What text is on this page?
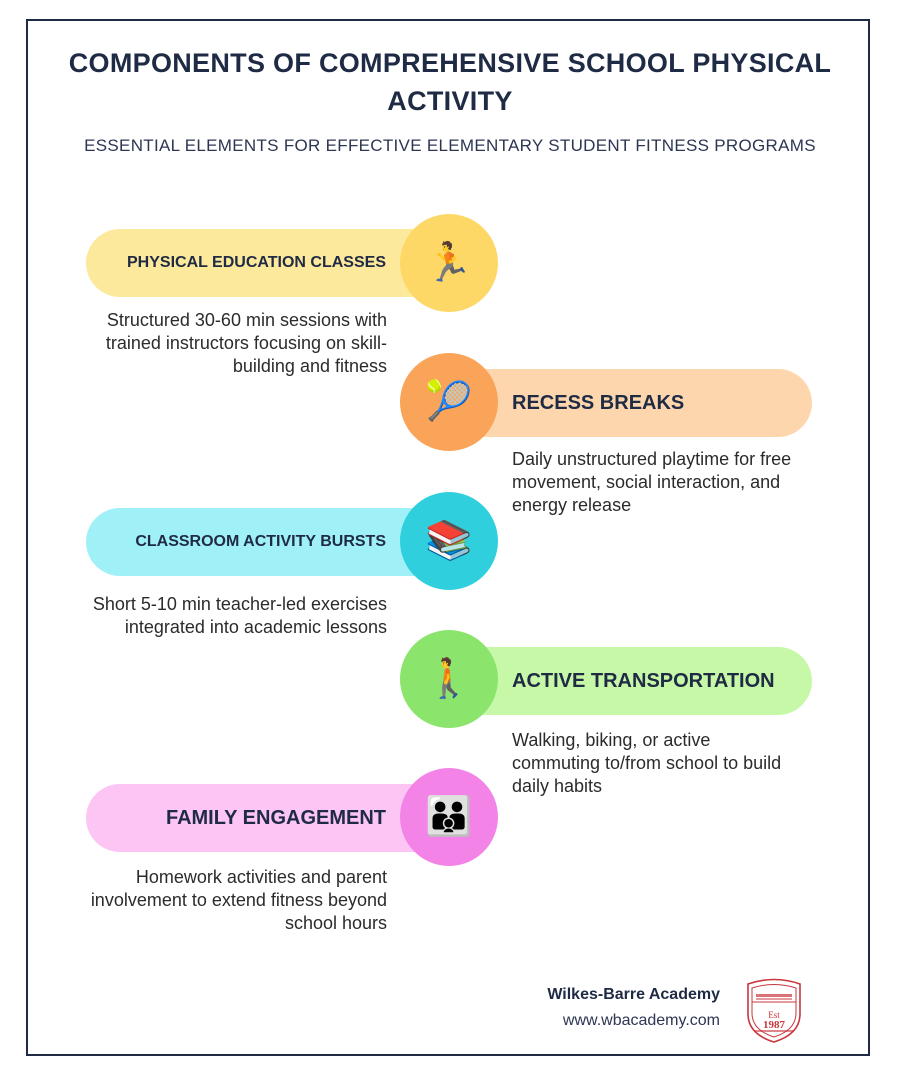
COMPONENTS OF COMPREHENSIVE SCHOOL PHYSICAL ACTIVITY
ESSENTIAL ELEMENTS FOR EFFECTIVE ELEMENTARY STUDENT FITNESS PROGRAMS
PHYSICAL EDUCATION CLASSES	🏃
Structured 30-60 min sessions with trained instructors focusing on skill-building and fitness
RECESS BREAKS
🎾
Daily unstructured playtime for free movement, social interaction, and energy release
CLASSROOM ACTIVITY BURSTS	📚
Short 5-10 min teacher-led exercises integrated into academic lessons
ACTIVE TRANSPORTATION
🚶
Walking, biking, or active commuting to/from school to build daily habits
FAMILY ENGAGEMENT	👪
Homework activities and parent involvement to extend fitness beyond school hours
Wilkes-Barre Academy
www.wbacademy.com	Est
1987
